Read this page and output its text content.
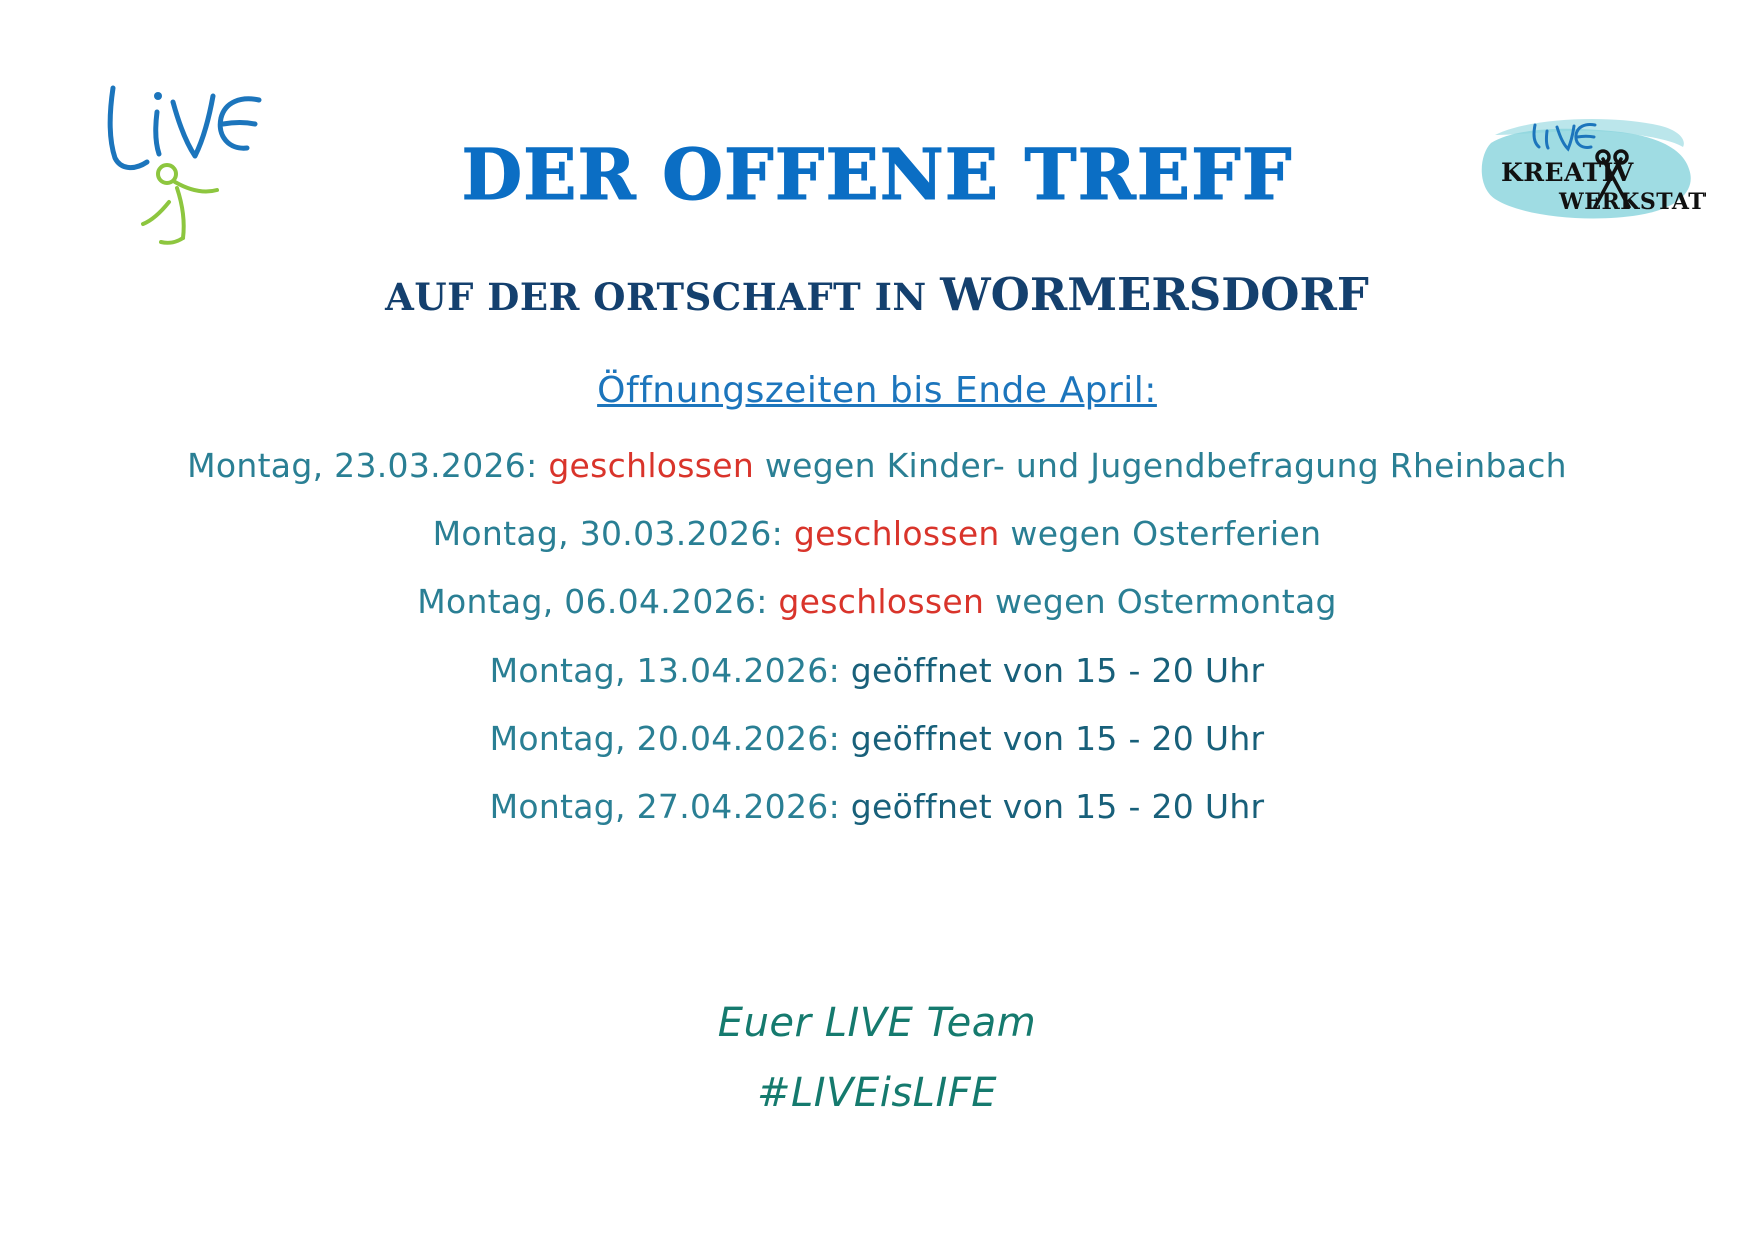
KREATIV
WERKSTATT
DER OFFENE TREFF
AUF DER ORTSCHAFT IN WORMERSDORF
Öffnungszeiten bis Ende April:
Montag, 23.03.2026: geschlossen wegen Kinder- und Jugendbefragung Rheinbach
Montag, 30.03.2026: geschlossen wegen Osterferien
Montag, 06.04.2026: geschlossen wegen Ostermontag
Montag, 13.04.2026: geöffnet von 15 - 20 Uhr
Montag, 20.04.2026: geöffnet von 15 - 20 Uhr
Montag, 27.04.2026: geöffnet von 15 - 20 Uhr
Euer LIVE Team
#LIVEisLIFE
